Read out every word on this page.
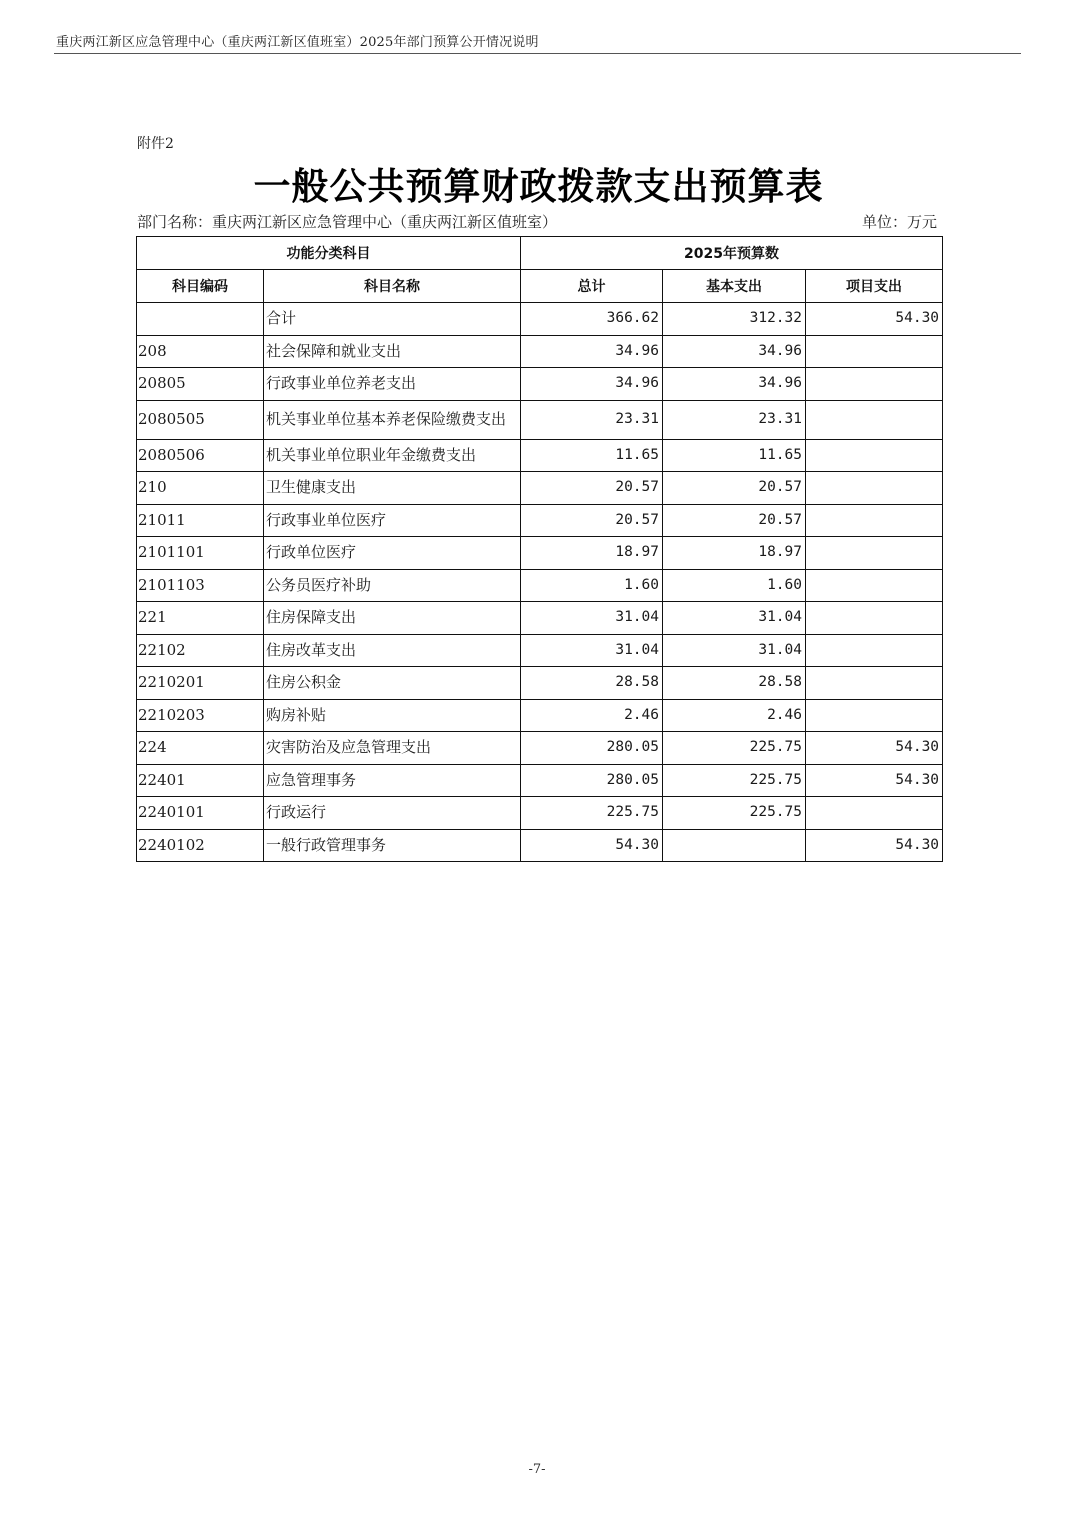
重庆两江新区应急管理中心（重庆两江新区值班室）2025年部门预算公开情况说明
附件2
一般公共预算财政拨款支出预算表
部门名称：重庆两江新区应急管理中心（重庆两江新区值班室）	单位：万元
功能分类科目		2025年预算数		
科目编码	科目名称	总计	基本支出	项目支出
	合计	366.62	312.32	54.30
208	社会保障和就业支出	34.96	34.96	
20805	行政事业单位养老支出	34.96	34.96	
2080505	机关事业单位基本养老保险缴费支出	23.31	23.31	
2080506	机关事业单位职业年金缴费支出	11.65	11.65	
210	卫生健康支出	20.57	20.57	
21011	行政事业单位医疗	20.57	20.57	
2101101	行政单位医疗	18.97	18.97	
2101103	公务员医疗补助	1.60	1.60	
221	住房保障支出	31.04	31.04	
22102	住房改革支出	31.04	31.04	
2210201	住房公积金	28.58	28.58	
2210203	购房补贴	2.46	2.46	
224	灾害防治及应急管理支出	280.05	225.75	54.30
22401	应急管理事务	280.05	225.75	54.30
2240101	行政运行	225.75	225.75	
2240102	一般行政管理事务	54.30		54.30
-7-
